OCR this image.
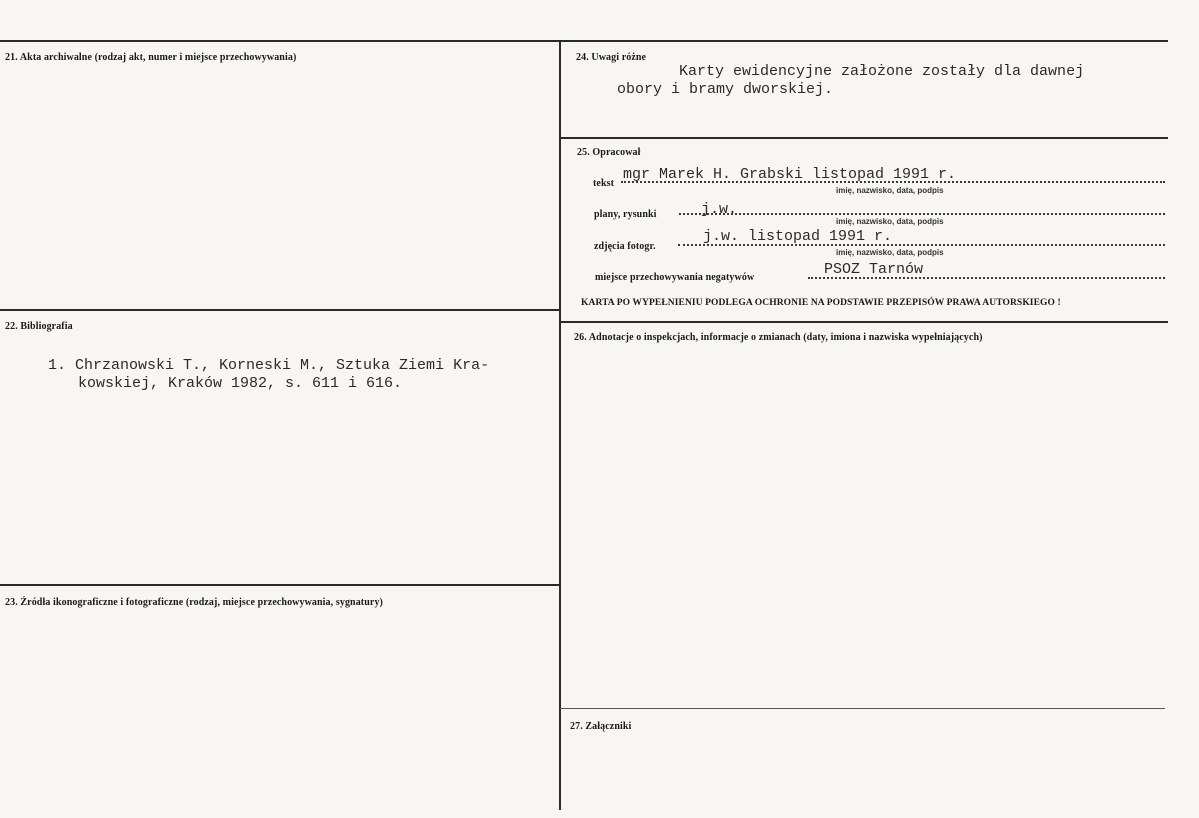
21. Akta archiwalne (rodzaj akt, numer i miejsce przechowywania)
22. Bibliografia
1. Chrzanowski T., Korneski M., Sztuka Ziemi Kra-
kowskiej, Kraków 1982, s. 611 i 616.
23. Źródła ikonograficzne i fotograficzne (rodzaj, miejsce przechowywania, sygnatury)
24. Uwagi różne
Karty ewidencyjne założone zostały dla dawnej
obory i bramy dworskiej.
25. Opracował
tekst
mgr Marek H. Grabski listopad 1991 r.
imię, nazwisko, data, podpis
plany, rysunki	j.w.
imię, nazwisko, data, podpis
zdjęcia fotogr.
j.w. listopad 1991 r.
imię, nazwisko, data, podpis
miejsce przechowywania negatywów	PSOZ Tarnów
KARTA PO WYPEŁNIENIU PODLEGA OCHRONIE NA PODSTAWIE PRZEPISÓW PRAWA AUTORSKIEGO !
26. Adnotacje o inspekcjach, informacje o zmianach (daty, imiona i nazwiska wypełniających)
27. Załączniki
